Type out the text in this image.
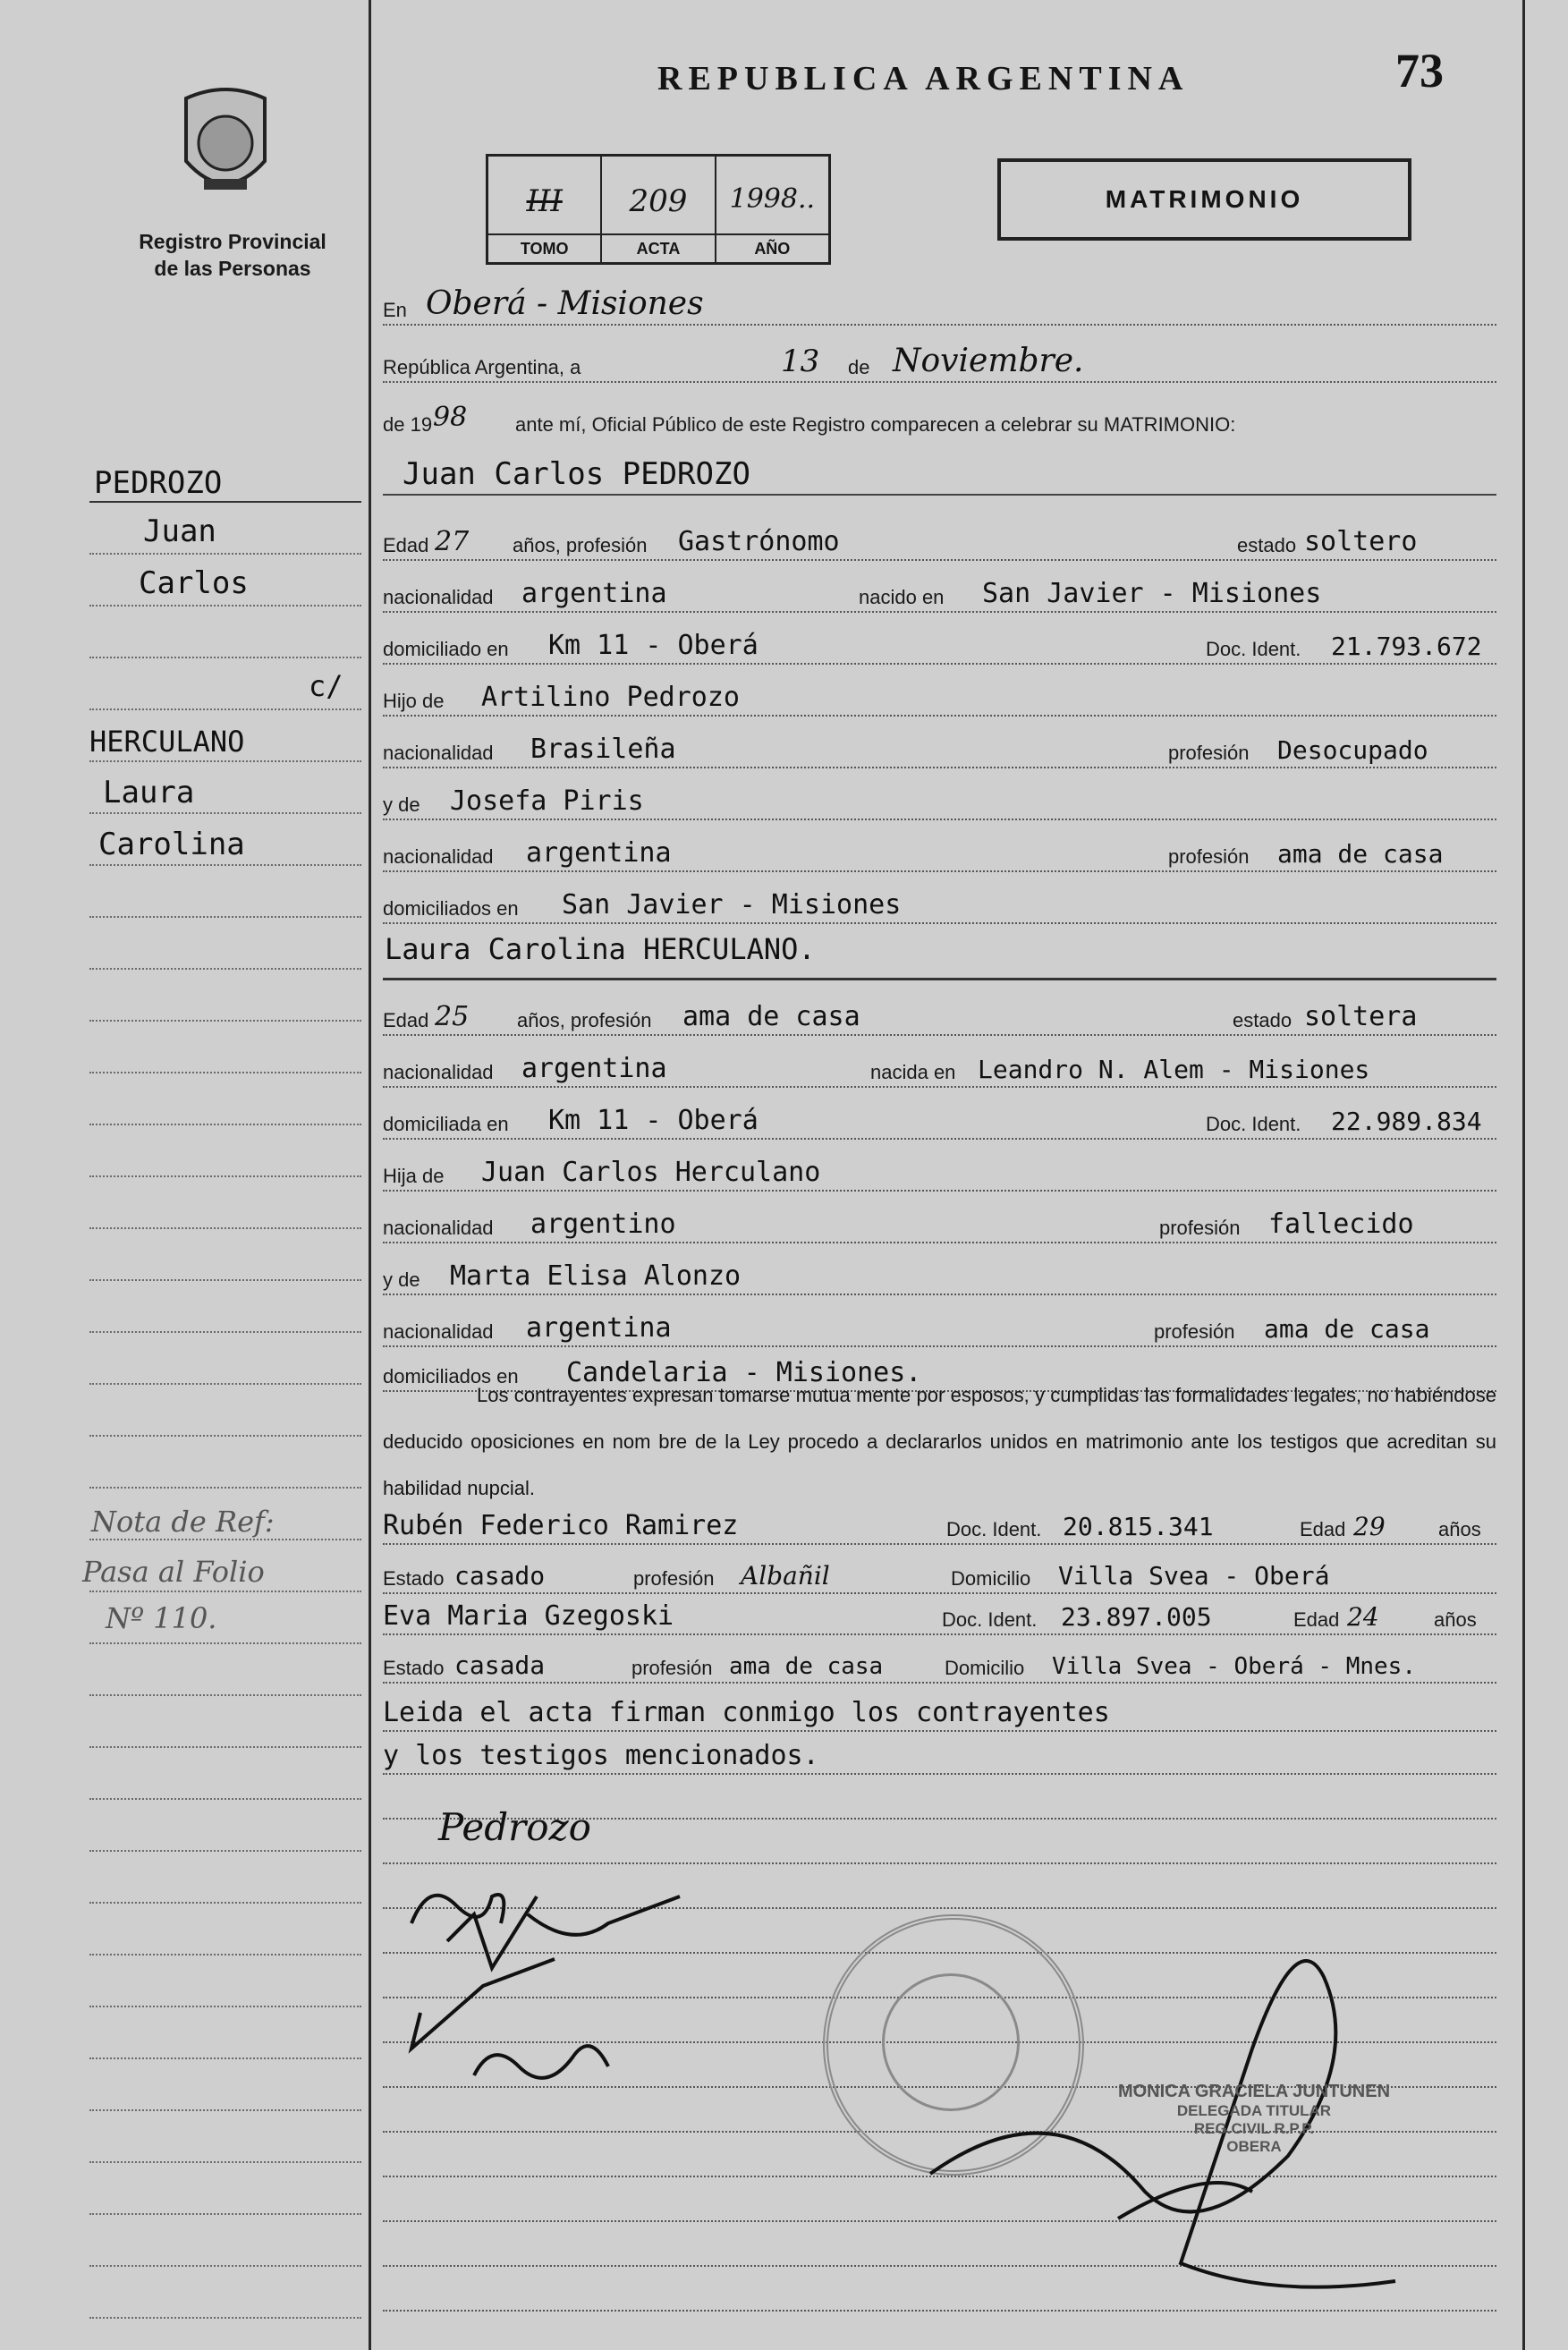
Registro Provincial
de las Personas
REPUBLICA ARGENTINA	73
III
TOMO
209
ACTA
1998..
AÑO
MATRIMONIO
En Oberá - Misiones
República Argentina, a	13 de Noviembre.
de 19 98 ante mí, Oficial Público de este Registro comparecen a celebrar su MATRIMONIO:
Juan Carlos PEDROZO
Edad 27 años, profesión Gastrónomo	estado soltero
nacionalidad argentina	nacido en San Javier - Misiones
domiciliado en Km 11 - Oberá	Doc. Ident. 21.793.672
Hijo de Artilino Pedrozo
nacionalidad Brasileña	profesión Desocupado
y de Josefa Piris
nacionalidad argentina	profesión ama de casa
domiciliados en San Javier - Misiones
Laura Carolina HERCULANO.
Edad 25 años, profesión ama de casa	estado soltera
nacionalidad argentina	nacida en Leandro N. Alem - Misiones
domiciliada en Km 11 - Oberá	Doc. Ident. 22.989.834
Hija de Juan Carlos Herculano
nacionalidad argentino	profesión fallecido
y de Marta Elisa Alonzo
nacionalidad argentina	profesión ama de casa
domiciliados en Candelaria - Misiones.
Los contrayentes expresan tomarse mutua mente por esposos, y cumplidas las formalidades legales, no habiéndose deducido oposiciones en nom bre de la Ley procedo a declararlos unidos en matrimonio ante los testigos que acreditan su habilidad nupcial.
Rubén Federico Ramirez	Doc. Ident. 20.815.341	Edad 29	años
Estado casado	profesión Albañil	Domicilio Villa Svea - Oberá
Eva Maria Gzegoski	Doc. Ident. 23.897.005	Edad 24	años
Estado casada	profesión ama de casa	Domicilio Villa Svea - Oberá - Mnes.
Leida el acta firman conmigo los contrayentes
y los testigos mencionados.
PEDROZO
Juan
Carlos
c/
HERCULANO
Laura
Carolina
Nota de Ref:
Pasa al Folio
Nº 110.
Pedrozo
MONICA GRACIELA JUNTUNEN
DELEGADA TITULAR
REG.CIVIL R.P.P.
OBERA
